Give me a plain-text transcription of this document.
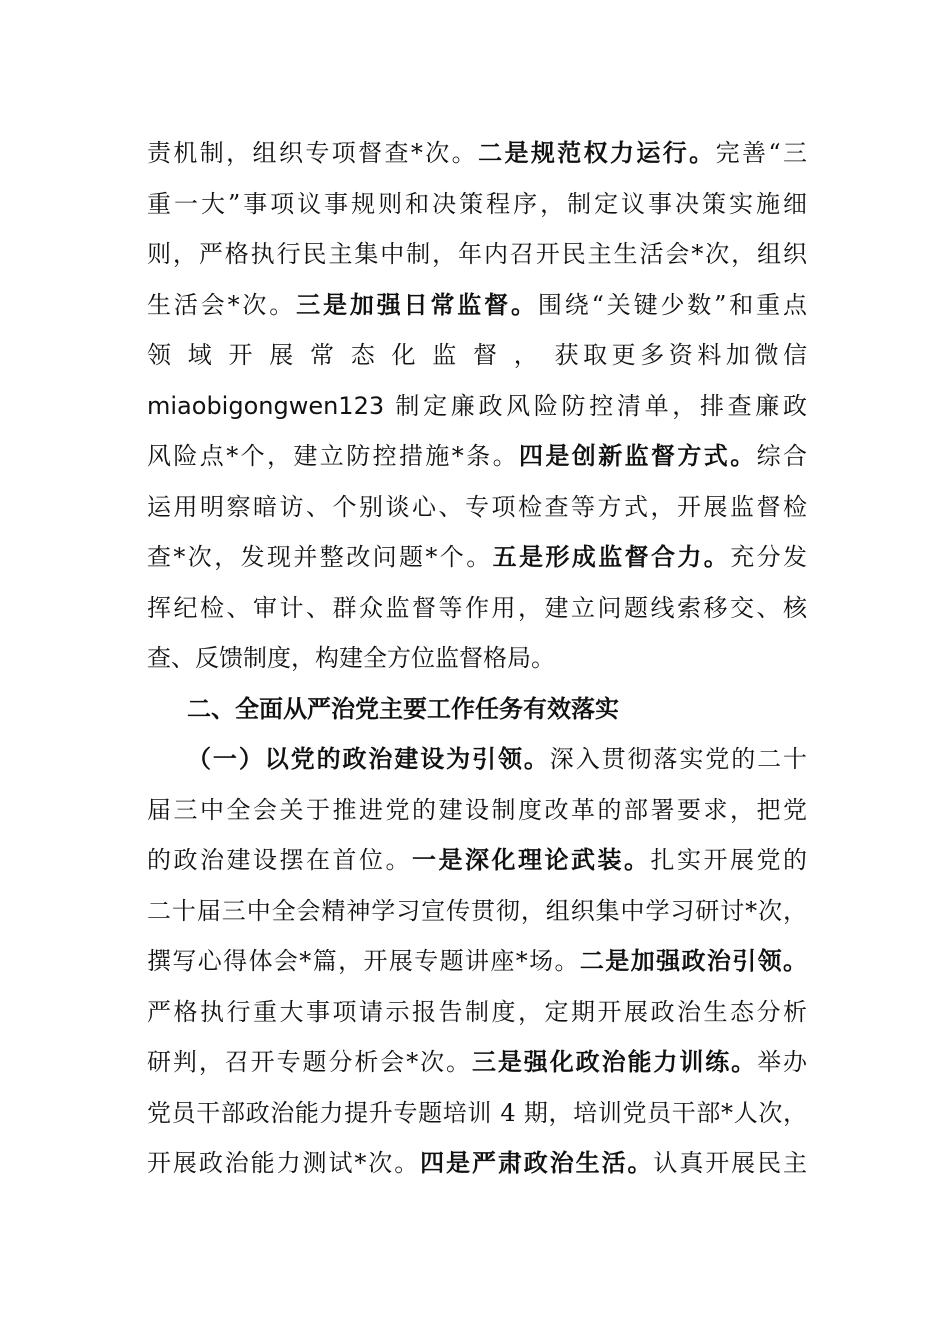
责机制，组织专项督查*次。二是规范权力运行。完善“三
重一大”事项议事规则和决策程序，制定议事决策实施细
则，严格执行民主集中制，年内召开民主生活会*次，组织
生活会*次。三是加强日常监督。围绕“关键少数”和重点
领 域 开 展 常 态 化 监 督 ， 获取更多资料加微信
miaobigongwen123 制定廉政风险防控清单，排查廉政
风险点*个，建立防控措施*条。四是创新监督方式。综合
运用明察暗访、个别谈心、专项检查等方式，开展监督检
查*次，发现并整改问题*个。五是形成监督合力。充分发
挥纪检、审计、群众监督等作用，建立问题线索移交、核
查、反馈制度，构建全方位监督格局。
二、全面从严治党主要工作任务有效落实
（一）以党的政治建设为引领。深入贯彻落实党的二十
届三中全会关于推进党的建设制度改革的部署要求，把党
的政治建设摆在首位。一是深化理论武装。扎实开展党的
二十届三中全会精神学习宣传贯彻，组织集中学习研讨*次，
撰写心得体会*篇，开展专题讲座*场。二是加强政治引领。
严格执行重大事项请示报告制度，定期开展政治生态分析
研判，召开专题分析会*次。三是强化政治能力训练。举办
党员干部政治能力提升专题培训 4 期，培训党员干部*人次，
开展政治能力测试*次。四是严肃政治生活。认真开展民主
